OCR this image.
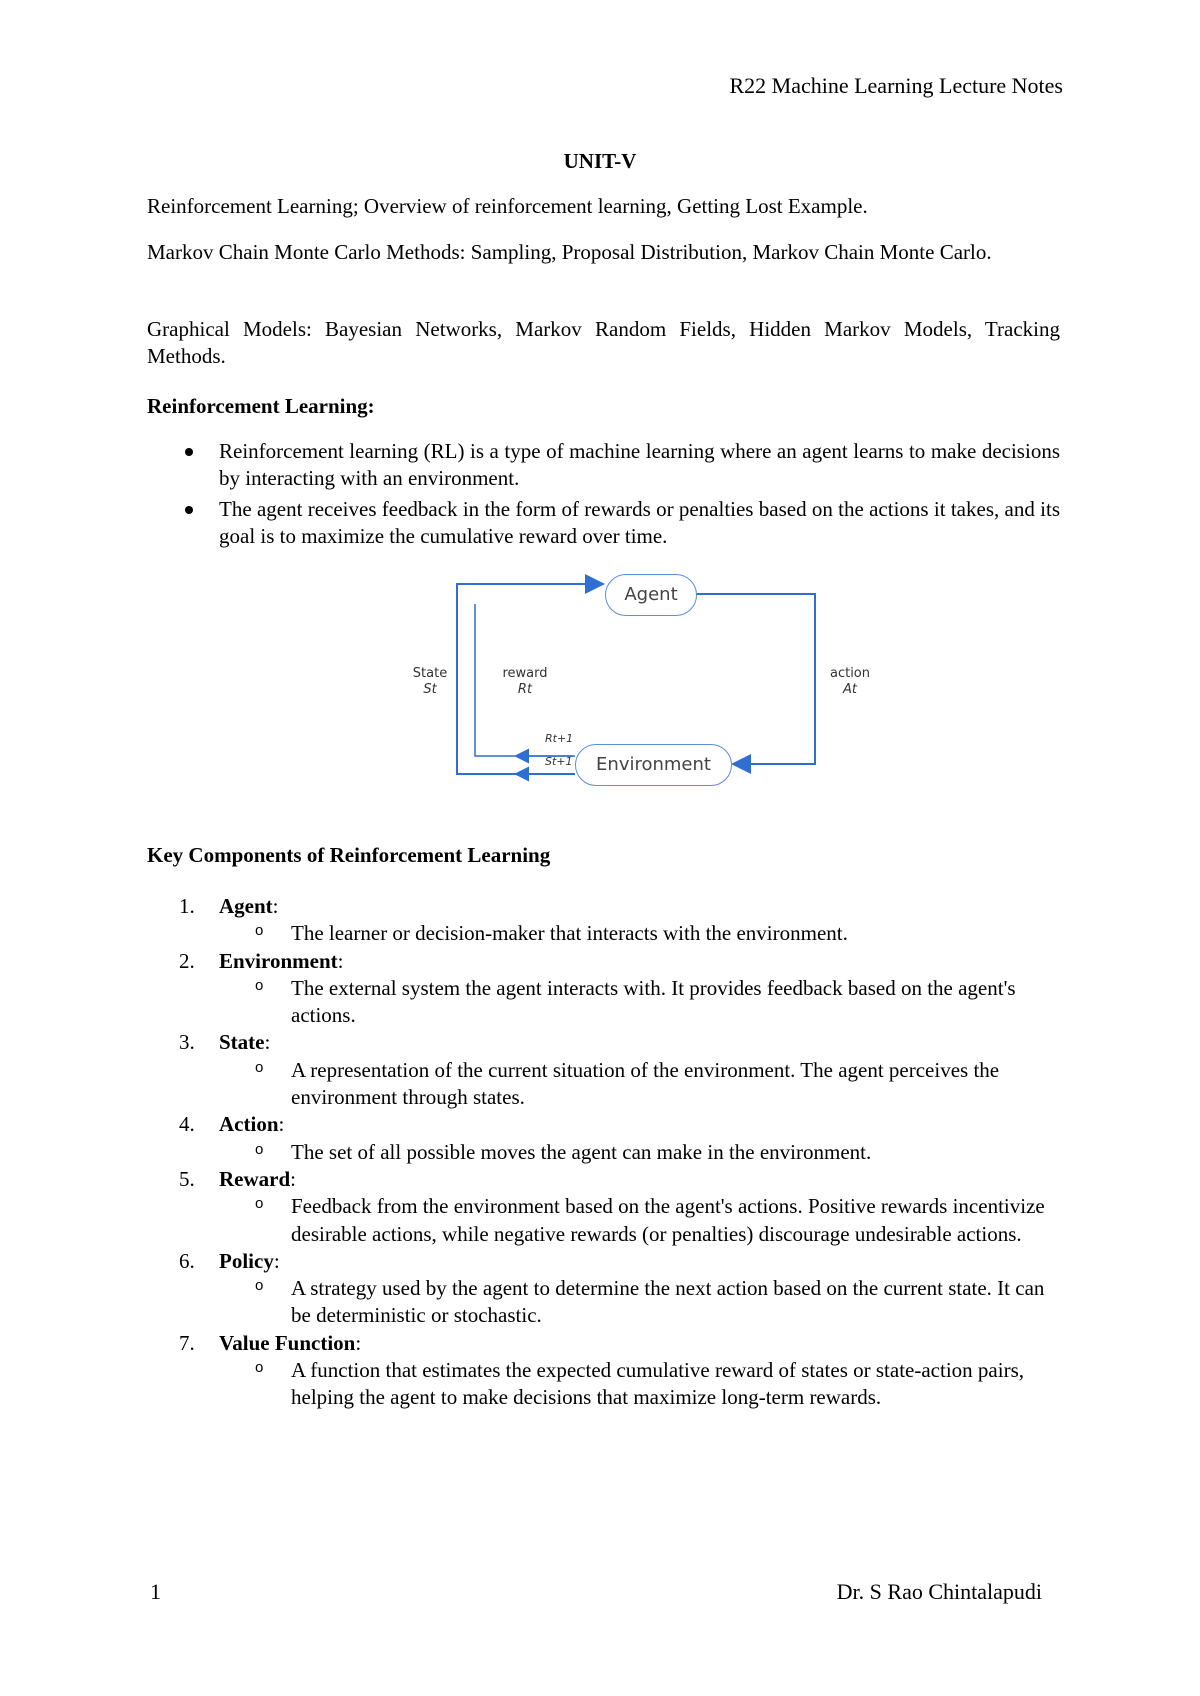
R22 Machine Learning Lecture Notes
UNIT-V
Reinforcement Learning; Overview of reinforcement learning, Getting Lost Example.
Markov Chain Monte Carlo Methods: Sampling, Proposal Distribution, Markov Chain Monte Carlo.
Graphical Models: Bayesian Networks, Markov Random Fields, Hidden Markov Models, Tracking Methods.
Reinforcement Learning:
Reinforcement learning (RL) is a type of machine learning where an agent learns to make decisions by interacting with an environment.
The agent receives feedback in the form of rewards or penalties based on the actions it takes, and its goal is to maximize the cumulative reward over time.
Agent
Environment
State
St
reward
Rt
action
At
Rt+1
St+1
Key Components of Reinforcement Learning
1. Agent:
o The learner or decision-maker that interacts with the environment.
2. Environment:
o The external system the agent interacts with. It provides feedback based on the agent's actions.
3. State:
o A representation of the current situation of the environment. The agent perceives the environment through states.
4. Action:
o The set of all possible moves the agent can make in the environment.
5. Reward:
o Feedback from the environment based on the agent's actions. Positive rewards incentivize desirable actions, while negative rewards (or penalties) discourage undesirable actions.
6. Policy:
o A strategy used by the agent to determine the next action based on the current state. It can be deterministic or stochastic.
7. Value Function:
o A function that estimates the expected cumulative reward of states or state-action pairs, helping the agent to make decisions that maximize long-term rewards.
1	Dr. S Rao Chintalapudi
